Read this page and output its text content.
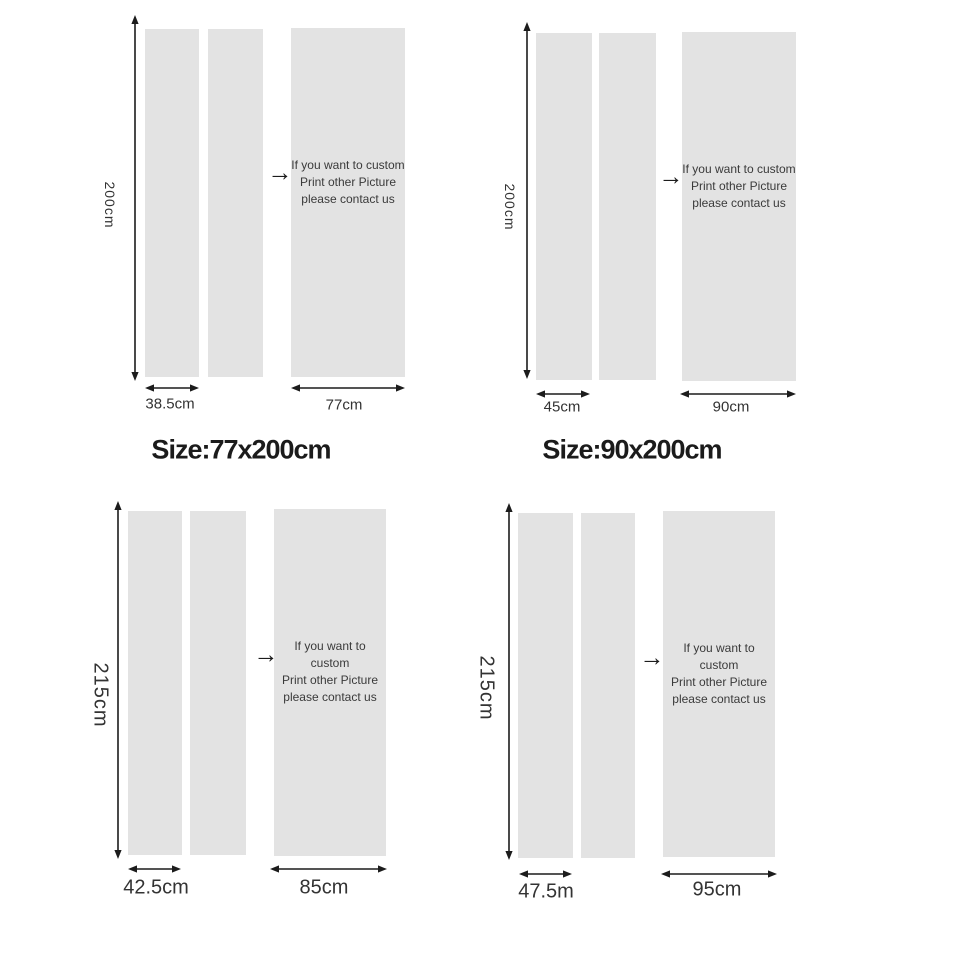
200cm
If you want to custom
Print other Picture
please contact us
→
38.5cm	77cm
200cm
If you want to custom
Print other Picture
please contact us
→
45cm	90cm
Size:77x200cm	Size:90x200cm
215cm
If you want to custom
Print other Picture
please contact us
→
42.5cm	85cm
215cm
If you want to custom
Print other Picture
please contact us
→
47.5m	95cm
